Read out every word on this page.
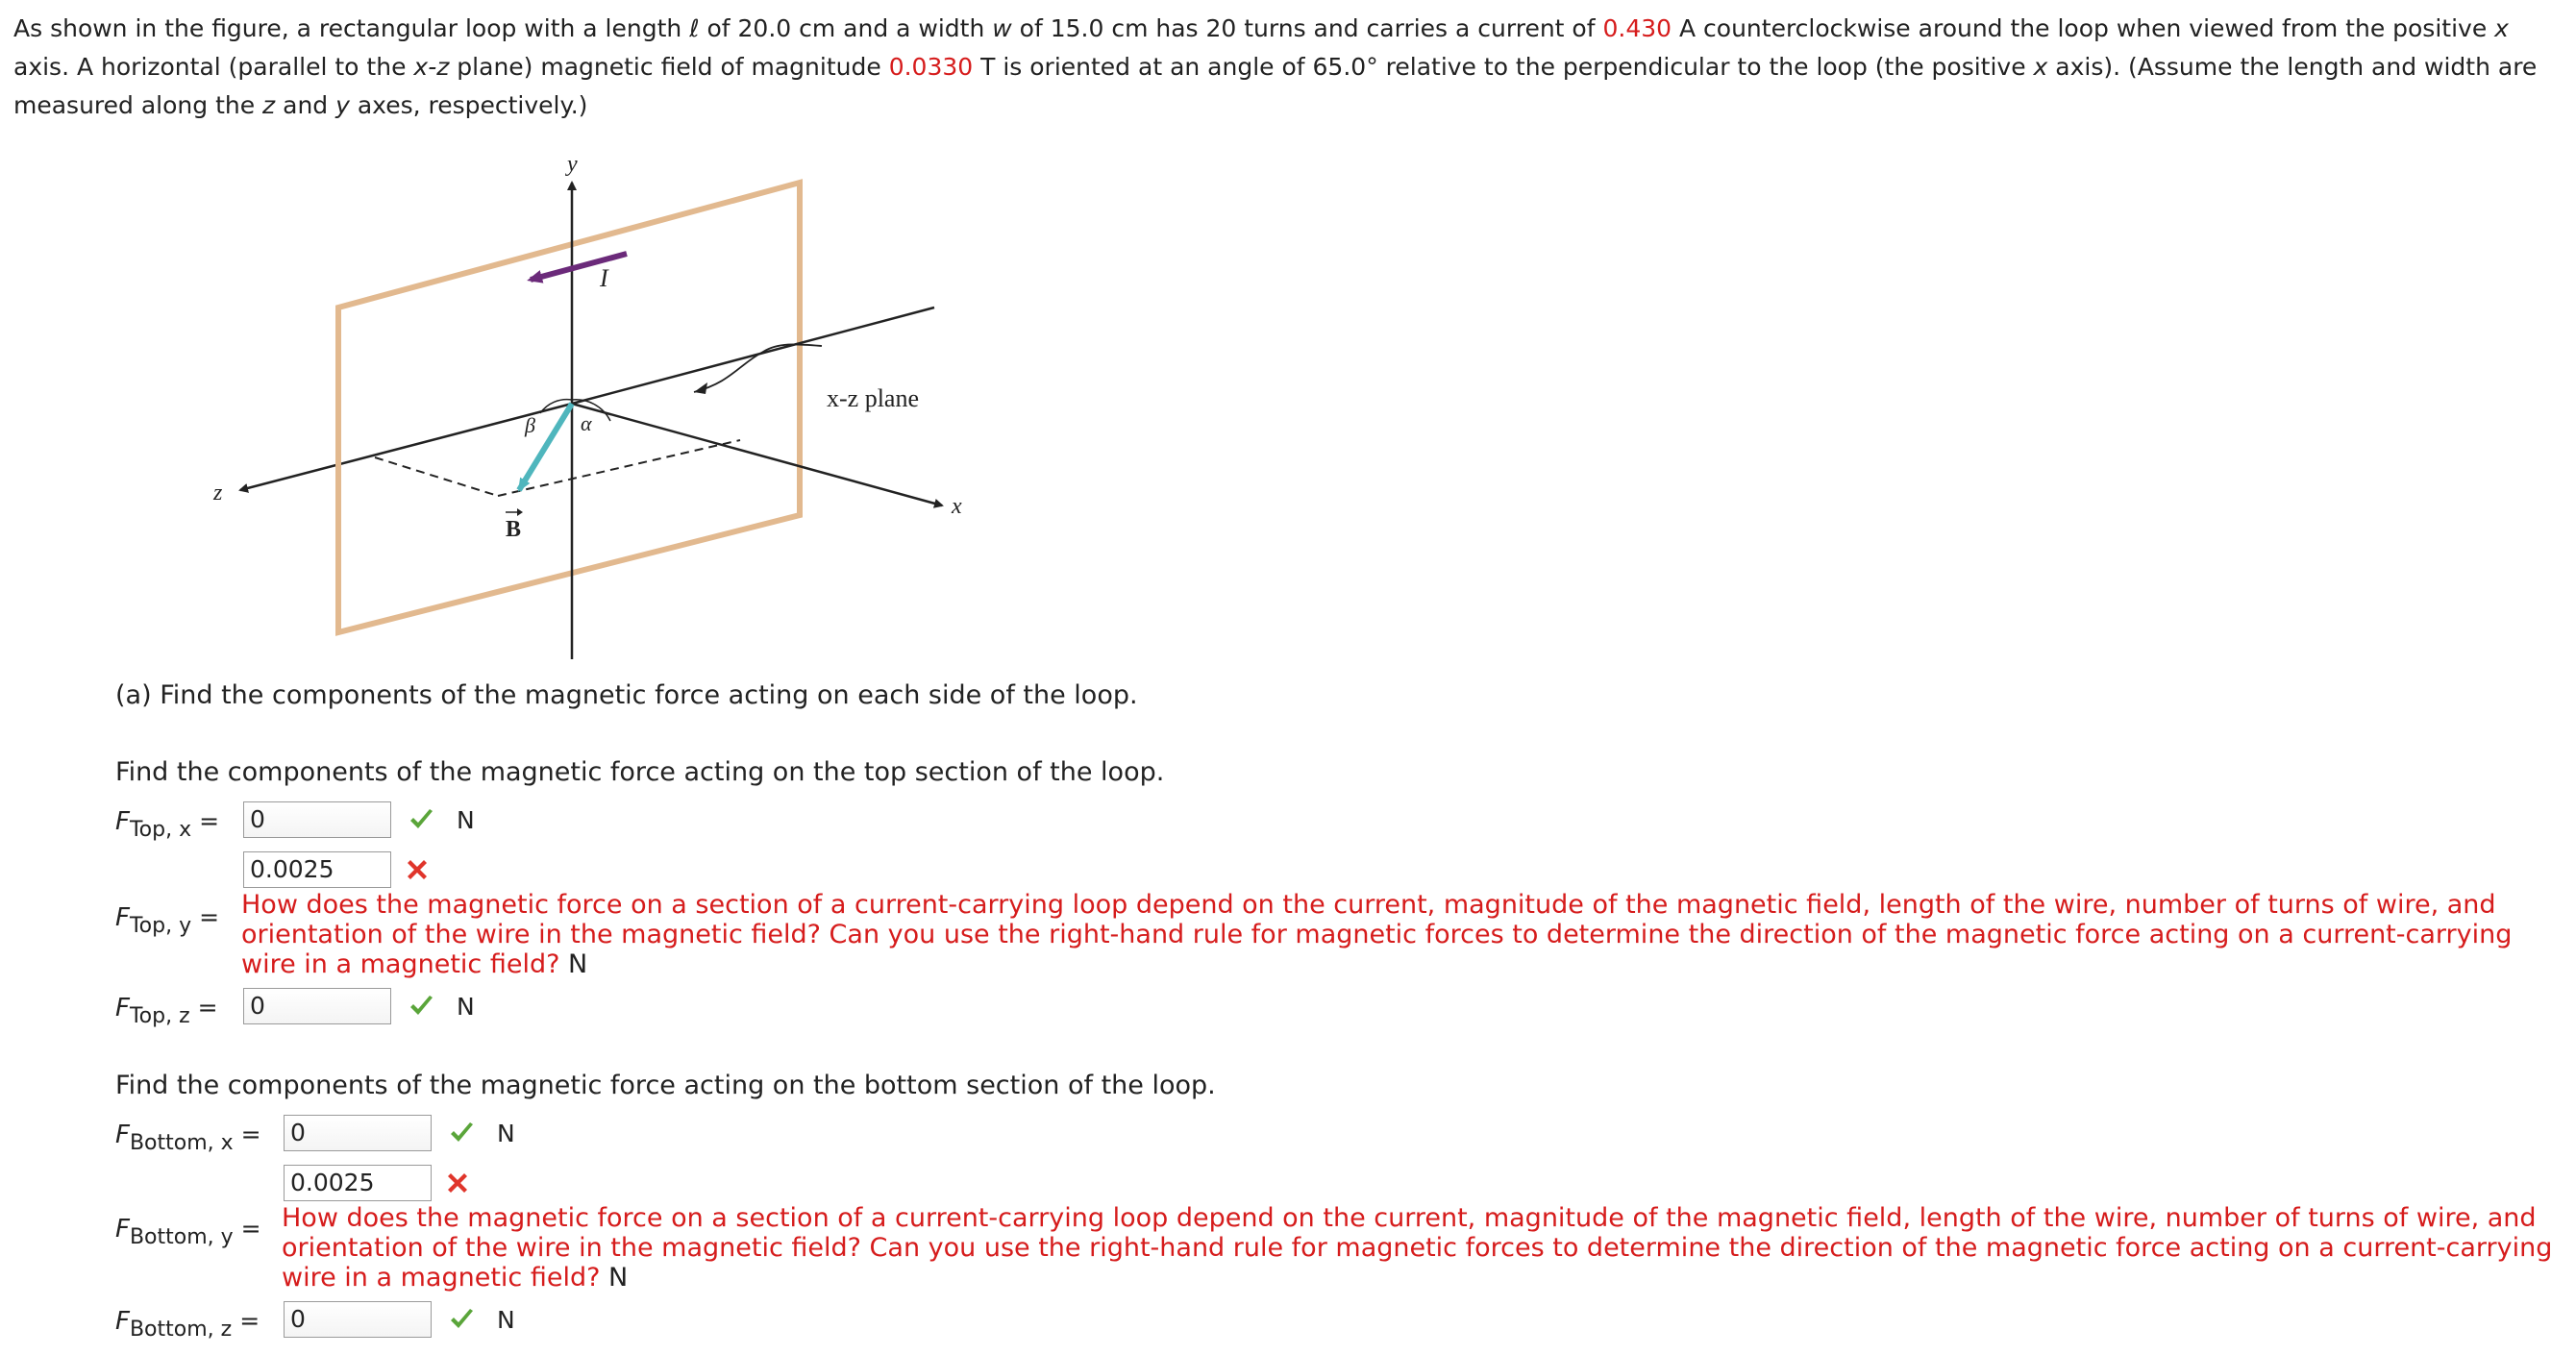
As shown in the figure, a rectangular loop with a length ℓ of 20.0 cm and a width w of 15.0 cm has 20 turns and carries a current of 0.430 A counterclockwise around the loop when viewed from the positive x axis. A horizontal (parallel to the x-z plane) magnetic field of magnitude 0.0330 T is oriented at an angle of 65.0° relative to the perpendicular to the loop (the positive x axis). (Assume the length and width are measured along the z and y axes, respectively.)
y
z
x
I
β α
x-z plane
B
(a) Find the components of the magnetic force acting on each side of the loop.
Find the components of the magnetic force acting on the top section of the loop.
$F_{Top, x} = 0$	N
$F_{Top, y}$ =
0.0025
How does the magnetic force on a section of a current-carrying loop depend on the current, magnitude of the magnetic field, length of the wire, number of turns of wire, and orientation of the wire in the magnetic field? Can you use the right-hand rule for magnetic forces to determine the direction of the magnetic force acting on a current-carrying wire in a magnetic field? N
$F_{Top, z} = 0$	N
Find the components of the magnetic force acting on the bottom section of the loop.
$F_{Bottom, x} = 0$	N
$F_{Bottom, y}$ =
0.0025
How does the magnetic force on a section of a current-carrying loop depend on the current, magnitude of the magnetic field, length of the wire, number of turns of wire, and orientation of the wire in the magnetic field? Can you use the right-hand rule for magnetic forces to determine the direction of the magnetic force acting on a current-carrying wire in a magnetic field? N
$F_{Bottom, z} = 0$	N
